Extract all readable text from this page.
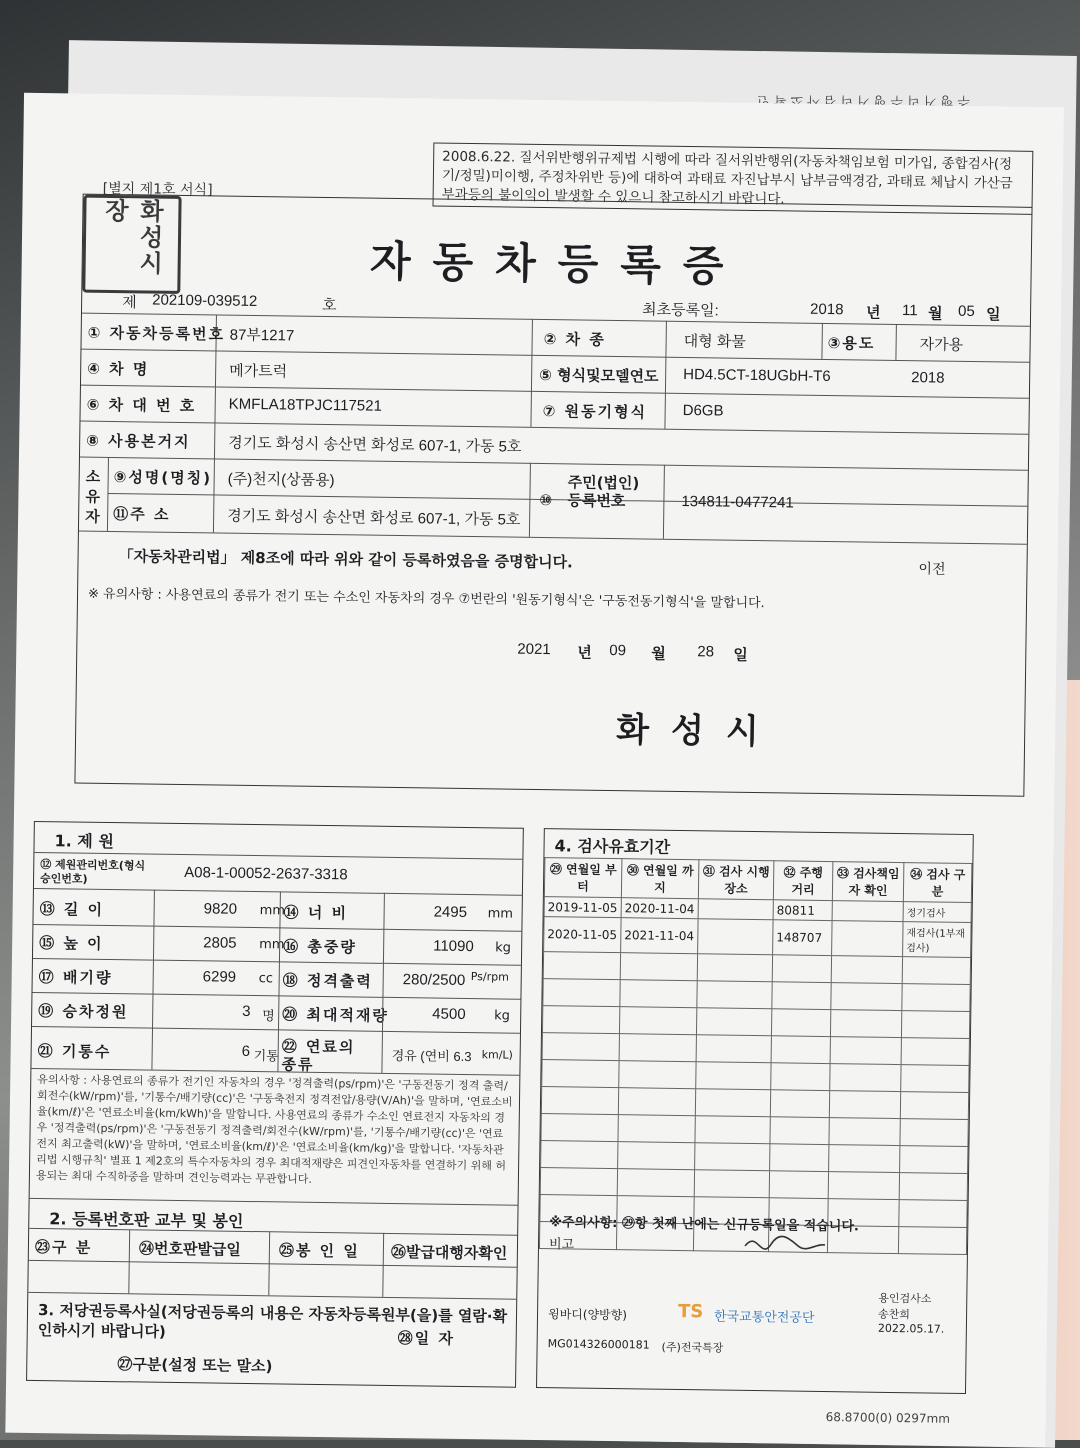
주 행 거 리 주 행 거 리 검 사 소 확 인
[별지 제1호 서식]
2008.6.22. 질서위반행위규제법 시행에 따라 질서위반행위(자동차책임보험 미가입, 종합검사(정기/정밀)미이행, 주정차위반 등)에 대하여 과태료 자진납부시 납부금액경감, 과태료 체납시 가산금부과등의 불이익이 발생할 수 있으니 참고하시기 바랍니다.
자동차등록증
제 202109-039512	호	최초등록일:	2018 년 11 월 05 일
① 자동차등록번호 87부1217	② 차 종	대형 화물	③용도	자가용
④ 차 명	메가트럭	⑤ 형식및모델연도 HD4.5CT-18UGbH-T6	2018
⑥ 차 대 번 호 KMFLA18TPJC117521	⑦ 원동기형식 D6GB
⑧ 사용본거지 경기도 화성시 송산면 화성로 607-1, 가동 5호
소유자
⑨성명(명칭) (주)천지(상품용)
⑩
주민(법인) 등록번호	134811-0477241
⑪주 소	경기도 화성시 송산면 화성로 607-1, 가동 5호
「자동차관리법」 제8조에 따라 위와 같이 등록하였음을 증명합니다.	이전
※ 유의사항 : 사용연료의 종류가 전기 또는 수소인 자동차의 경우 ⑦번란의 '원동기형식'은 '구동전동기형식'을 말합니다.
2021 년 09 월 28 일
화성시
화성시장
1. 제 원
⑫ 제원관리번호(형식승인번호)	A08-1-00052-2637-3318
⑬ 길 이	9820 mm
⑭ 너 비	2495 mm
⑮ 높 이	2805 mm
⑯ 총중량	11090 kg
⑰ 배기량	6299 cc ⑱ 정격출력 280/2500 Ps/rpm
⑲ 승차정원	3 명 ⑳ 최대적재량	4500 kg
㉑ 기통수	6 기통
㉒ 연료의 종류	경유 (연비 6.3 km/L)
유의사항 : 사용연료의 종류가 전기인 자동차의 경우 '정격출력(ps/rpm)'은 '구동전동기 정격 출력/회전수(kW/rpm)'를, '기통수/배기량(cc)'은 '구동축전지 정격전압/용량(V/Ah)'을 말하며, '연료소비율(km/ℓ)'은 '연료소비율(km/kWh)'을 말합니다. 사용연료의 종류가 수소인 연료전지 자동차의 경우 '정격출력(ps/rpm)'은 '구동전동기 정격출력/회전수(kW/rpm)'를, '기통수/배기량(cc)'은 '연료전지 최고출력(kW)'을 말하며, '연료소비율(km/ℓ)'은 '연료소비율(km/kg)'을 말합니다. '자동차관리법 시행규칙' 별표 1 제2호의 특수자동차의 경우 최대적재량은 피견인자동차를 연결하기 위해 허용되는 최대 수직하중을 말하며 견인능력과는 무관합니다.
2. 등록번호판 교부 및 봉인
㉓구 분	㉔번호판발급일	㉕봉 인 일 ㉖발급대행자확인
3. 저당권등록사실(저당권등록의 내용은 자동차등록원부(을)를 열람·확인하시기 바랍니다)	㉘일 자
㉗구분(설정 또는 말소)
4. 검사유효기간
㉙ 연월일 부터	㉚ 연월일 까지	㉛ 검사 시행장소	㉜ 주행 거리	㉝ 검사책임자 확인	㉞ 검사 구분
2019-11-05	2020-11-04		80811		정기검사
2020-11-05	2021-11-04		148707		재검사(1부재검사)

※주의사항: ㉙항 첫째 난에는 신규등록일을 적습니다.
비고
윙바디(양방향)	TS 한국교통안전공단
용인검사소
송찬희
2022.05.17.
MG014326000181 (주)전국특장
68.8700(0) 0297mm
